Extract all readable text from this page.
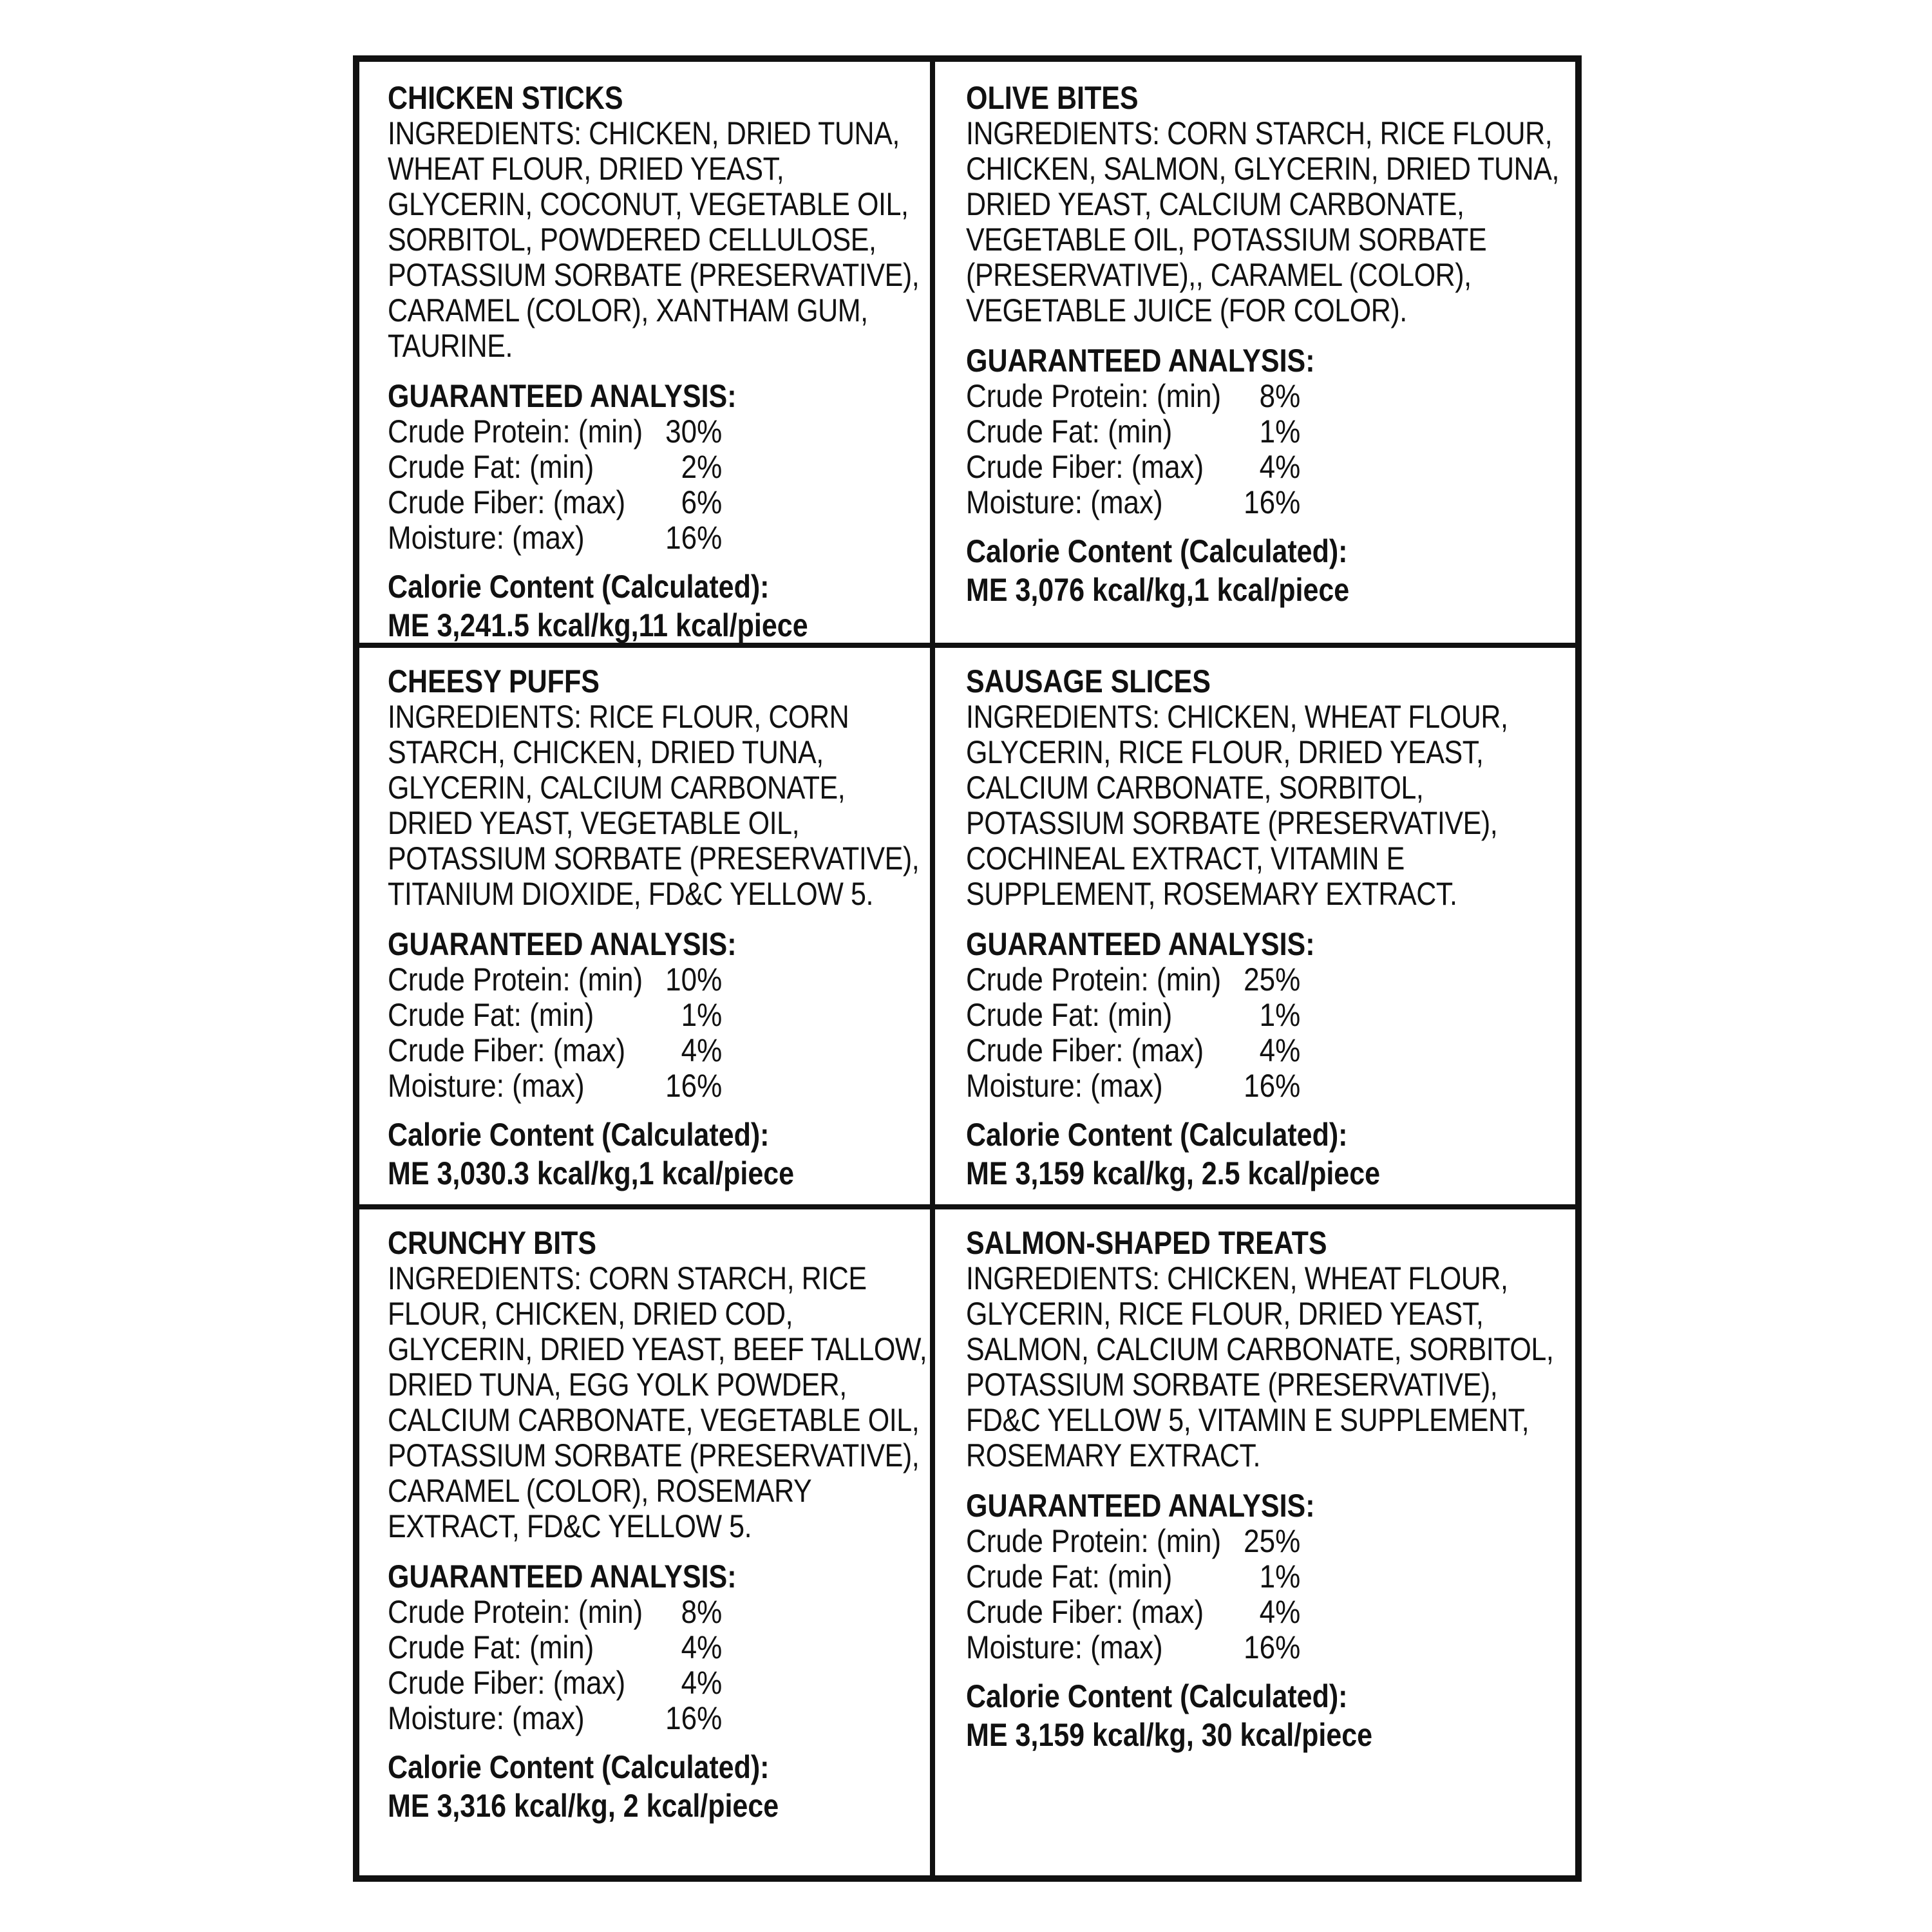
CHICKEN STICKS
INGREDIENTS: CHICKEN, DRIED TUNA, WHEAT FLOUR, DRIED YEAST, GLYCERIN, COCONUT, VEGETABLE OIL, SORBITOL, POWDERED CELLULOSE, POTASSIUM SORBATE (PRESERVATIVE), CARAMEL (COLOR), XANTHAM GUM, TAURINE.
GUARANTEED ANALYSIS:
Crude Protein: (min) 30%
Crude Fat: (min)	2%
Crude Fiber: (max)	6%
Moisture: (max)	16%
Calorie Content (Calculated):
ME 3,241.5 kcal/kg,11 kcal/piece
OLIVE BITES
INGREDIENTS: CORN STARCH, RICE FLOUR, CHICKEN, SALMON, GLYCERIN, DRIED TUNA, DRIED YEAST, CALCIUM CARBONATE, VEGETABLE OIL, POTASSIUM SORBATE (PRESERVATIVE),, CARAMEL (COLOR), VEGETABLE JUICE (FOR COLOR).
GUARANTEED ANALYSIS:
Crude Protein: (min)	8%
Crude Fat: (min)	1%
Crude Fiber: (max)	4%
Moisture: (max)	16%
Calorie Content (Calculated):
ME 3,076 kcal/kg,1 kcal/piece
CHEESY PUFFS
INGREDIENTS: RICE FLOUR, CORN STARCH, CHICKEN, DRIED TUNA, GLYCERIN, CALCIUM CARBONATE, DRIED YEAST, VEGETABLE OIL, POTASSIUM SORBATE (PRESERVATIVE), TITANIUM DIOXIDE, FD&C YELLOW 5.
GUARANTEED ANALYSIS:
Crude Protein: (min) 10%
Crude Fat: (min)	1%
Crude Fiber: (max)	4%
Moisture: (max)	16%
Calorie Content (Calculated):
ME 3,030.3 kcal/kg,1 kcal/piece
SAUSAGE SLICES
INGREDIENTS: CHICKEN, WHEAT FLOUR, GLYCERIN, RICE FLOUR, DRIED YEAST, CALCIUM CARBONATE, SORBITOL, POTASSIUM SORBATE (PRESERVATIVE), COCHINEAL EXTRACT, VITAMIN E SUPPLEMENT, ROSEMARY EXTRACT.
GUARANTEED ANALYSIS:
Crude Protein: (min) 25%
Crude Fat: (min)	1%
Crude Fiber: (max)	4%
Moisture: (max)	16%
Calorie Content (Calculated):
ME 3,159 kcal/kg, 2.5 kcal/piece
CRUNCHY BITS
INGREDIENTS: CORN STARCH, RICE FLOUR, CHICKEN, DRIED COD, GLYCERIN, DRIED YEAST, BEEF TALLOW, DRIED TUNA, EGG YOLK POWDER, CALCIUM CARBONATE, VEGETABLE OIL, POTASSIUM SORBATE (PRESERVATIVE), CARAMEL (COLOR), ROSEMARY EXTRACT, FD&C YELLOW 5.
GUARANTEED ANALYSIS:
Crude Protein: (min)	8%
Crude Fat: (min)	4%
Crude Fiber: (max)	4%
Moisture: (max)	16%
Calorie Content (Calculated):
ME 3,316 kcal/kg, 2 kcal/piece
SALMON-SHAPED TREATS
INGREDIENTS: CHICKEN, WHEAT FLOUR, GLYCERIN, RICE FLOUR, DRIED YEAST, SALMON, CALCIUM CARBONATE, SORBITOL, POTASSIUM SORBATE (PRESERVATIVE), FD&C YELLOW 5, VITAMIN E SUPPLEMENT, ROSEMARY EXTRACT.
GUARANTEED ANALYSIS:
Crude Protein: (min) 25%
Crude Fat: (min)	1%
Crude Fiber: (max)	4%
Moisture: (max)	16%
Calorie Content (Calculated):
ME 3,159 kcal/kg, 30 kcal/piece
